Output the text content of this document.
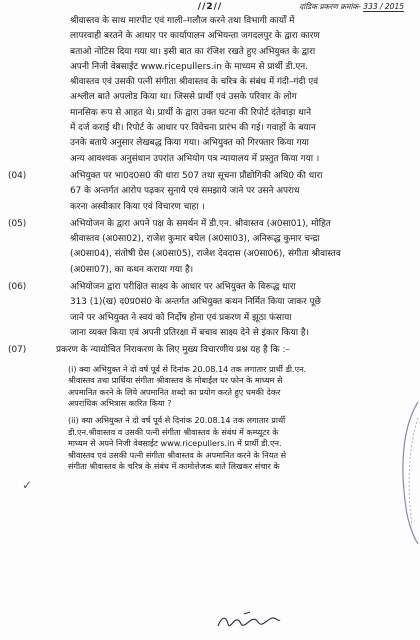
//2//	दांडिक प्रकरण क्रमांक- 333 / 2015
श्रीवास्तव के साथ मारपीट एवं गाली–गलौज करने तथा विभागी कार्यों में
लापरवाही बरतने के आधार पर कार्यापालन अभियन्ता जगदलपुर के द्वारा कारण
बताओ नोटिस दिया गया था। इसी बात का रंजिश रखते हुए अभियुक्त के द्वारा
अपनी निजी वेबसाईट www.ricepullers.in के माध्यम से प्रार्थी डी.एन.
श्रीवास्तव एवं उसकी पत्नी संगीता श्रीवास्तव के चरित्र के संबंध में गंदी–गंदी एवं
अश्लील बाते अपलोड किया था। जिससे प्रार्थी एवं उसके परिवार के लोग
मानसिक रूप से आहत थे। प्रार्थी के द्वारा उक्त घटना की रिपोर्ट दंतेवाड़ा थाने
में दर्ज कराई थी। रिपोर्ट के आधार पर विवेचना प्रारंभ की गई। गवाहों के बयान
उनके बताये अनुसार लेखबद्ध किया गया। अभियुक्त को गिरफ्तार किया गया
अन्य आवश्यक अनुसंधान उपरांत अभियोग पत्र न्यायालय में प्रस्तुत किया गया ।
(04)	अभियुक्त पर भा0द0स0 की धारा 507 तथा सूचना प्रौद्योगिकी अधि0 की धारा
67 के अन्तर्गत आरोप पढ़कर सुनाये एवं समझाये जाने पर उसने अपराध
करना अस्वीकार किया एवं विचारण चाहा ।
(05)	अभियोजन के द्वारा अपने पक्ष के समर्थन में डी.एन. श्रीवास्तव (अ0सा01), मोहित
श्रीवास्तव (अ0सा02), राजेश कुमार बघेल (अ0सा03), अनिरूद्ध कुमार चन्द्रा
(अ0सा04), संतोषी ग्रेस (अ0सा05), राजेश देवदास (अ0सा06), संगीता श्रीवास्तव
(अ0सा07), का कथन कराया गया है।
(06)	अभियोजन द्वारा परीक्षित साक्ष्य के आधार पर अभियुक्त के विरूद्ध धारा
313 (1)(ख) द0प्र0सं0 के अन्तर्गत अभियुक्त कथन निर्मित किया जाकर पूछे
जाने पर अभियुक्त ने स्वयं को निर्दोष होना एवं प्रकरण में झूठा फंसाया
जाना व्यक्त किया एवं अपनी प्रतिरक्षा में बचाव साक्ष्य देने से इंकार किया है।
(07)	प्रकरण के न्यायोचित निराकरण के लिए मुख्य विचारणीय प्रश्न यह है कि :–
(i) क्या अभियुक्त ने दो वर्ष पूर्व से दिनांक 20.08.14 तक लगातार प्रार्थी डी.एन.
श्रीवास्तव तथा प्रार्थिया संगीता श्रीवास्तव के मोबाईल पर फोन के माध्यम से
अपमानित करने के लिये अपमानित शब्दो का प्रयोग करते हुए धमकी देकर
अपराधिक अभित्रास कारित किया ?
(ii) क्या अभियुक्त ने दो वर्ष पूर्व से दिनांक 20.08.14 तक लगातार प्रार्थी
डी.एन.श्रीवास्तव व उसकी पत्नी संगीता श्रीवास्तव के संबंध में कम्प्यूटर के
माध्यम से अपने निजी वेबसाईट www.ricepullers.in में प्रार्थी डी.एन.
श्रीवास्तव एवं उसकी पत्नी संगीता श्रीवास्तव के अपमानित करने के नियत से
संगीता श्रीवास्तव के चरित्र के संबंध में कामोत्तेजक बाते लिखकर संचार के
✓
